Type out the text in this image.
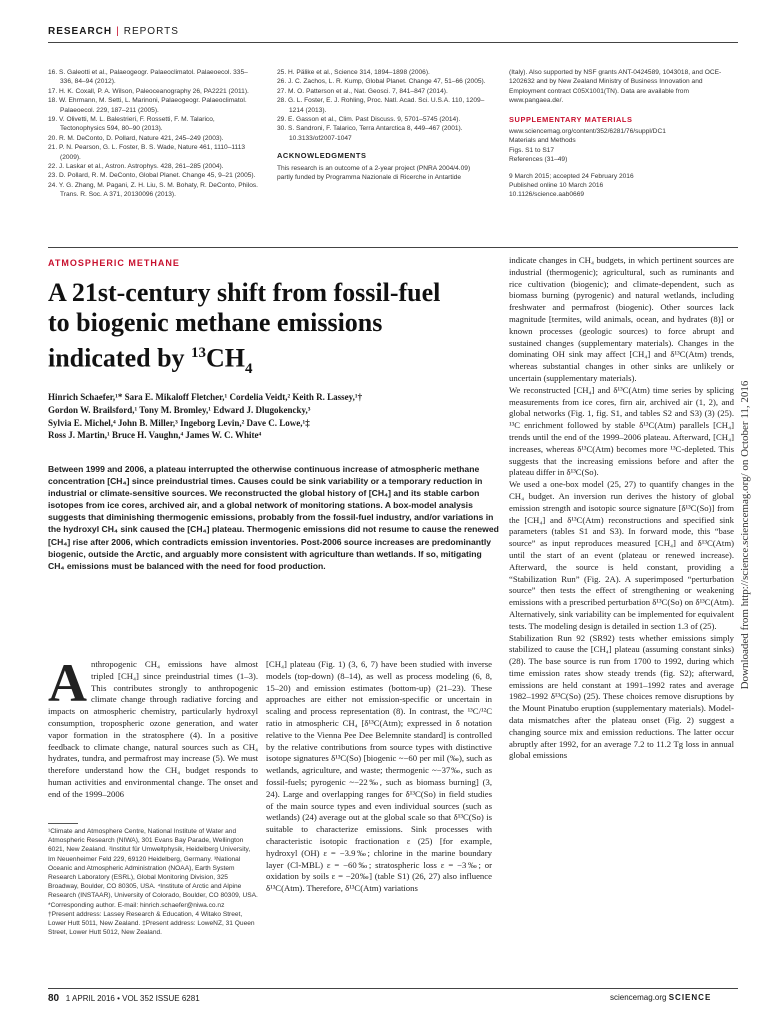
RESEARCH | REPORTS
16. S. Galeotti et al., Palaeogeogr. Palaeoclimatol. Palaeoecol. 335–336, 84–94 (2012).
17. H. K. Coxall, P. A. Wilson, Paleoceanography 26, PA2221 (2011).
18. W. Ehrmann, M. Setti, L. Marinoni, Palaeogeogr. Palaeoclimatol. Palaeoecol. 229, 187–211 (2005).
19. V. Olivetti, M. L. Balestrieri, F. Rossetti, F. M. Talarico, Tectonophysics 594, 80–90 (2013).
20. R. M. DeConto, D. Pollard, Nature 421, 245–249 (2003).
21. P. N. Pearson, G. L. Foster, B. S. Wade, Nature 461, 1110–1113 (2009).
22. J. Laskar et al., Astron. Astrophys. 428, 261–285 (2004).
23. D. Pollard, R. M. DeConto, Global Planet. Change 45, 9–21 (2005).
24. Y. G. Zhang, M. Pagani, Z. H. Liu, S. M. Bohaty, R. DeConto, Philos. Trans. R. Soc. A 371, 20130096 (2013).
25. H. Pälike et al., Science 314, 1894–1898 (2006).
26. J. C. Zachos, L. R. Kump, Global Planet. Change 47, 51–66 (2005).
27. M. O. Patterson et al., Nat. Geosci. 7, 841–847 (2014).
28. G. L. Foster, E. J. Rohling, Proc. Natl. Acad. Sci. U.S.A. 110, 1209–1214 (2013).
29. E. Gasson et al., Clim. Past Discuss. 9, 5701–5745 (2014).
30. S. Sandroni, F. Talarico, Terra Antarctica 8, 449–467 (2001). 10.3133/of2007-1047
ACKNOWLEDGMENTS
This research is an outcome of a 2-year project (PNRA 2004/4.09) partly funded by Programma Nazionale di Ricerche in Antartide
(Italy). Also supported by NSF grants ANT-0424589, 1043018, and OCE-1202632 and by New Zealand Ministry of Business Innovation and Employment contract C05X1001(TN). Data are available from www.pangaea.de/.
SUPPLEMENTARY MATERIALS
www.sciencemag.org/content/352/6281/76/suppl/DC1
Materials and Methods
Figs. S1 to S17
References (31–49)
9 March 2015; accepted 24 February 2016
Published online 10 March 2016
10.1126/science.aab0669
ATMOSPHERIC METHANE
A 21st-century shift from fossil-fuel
to biogenic methane emissions
indicated by $^{13}CH_4$
Hinrich Schaefer,¹* Sara E. Mikaloff Fletcher,¹ Cordelia Veidt,² Keith R. Lassey,¹†
Gordon W. Brailsford,¹ Tony M. Bromley,¹ Edward J. Dlugokencky,³
Sylvia E. Michel,⁴ John B. Miller,³ Ingeborg Levin,² Dave C. Lowe,¹‡
Ross J. Martin,¹ Bruce H. Vaughn,⁴ James W. C. White⁴
Between 1999 and 2006, a plateau interrupted the otherwise continuous increase of atmospheric methane concentration [CH₄] since preindustrial times. Causes could be sink variability or a temporary reduction in industrial or climate-sensitive sources. We reconstructed the global history of [CH₄] and its stable carbon isotopes from ice cores, archived air, and a global network of monitoring stations. A box-model analysis suggests that diminishing thermogenic emissions, probably from the fossil-fuel industry, and/or variations in the hydroxyl CH₄ sink caused the [CH₄] plateau. Thermogenic emissions did not resume to cause the renewed [CH₄] rise after 2006, which contradicts emission inventories. Post-2006 source increases are predominantly biogenic, outside the Arctic, and arguably more consistent with agriculture than wetlands. If so, mitigating CH₄ emissions must be balanced with the need for food production.
Anthropogenic CH₄ emissions have almost tripled [CH₄] since preindustrial times (1–3). This contributes strongly to anthropogenic climate change through radiative forcing and impacts on atmospheric chemistry, particularly hydroxyl consumption, tropospheric ozone generation, and water vapor formation in the stratosphere (4). In a positive feedback to climate change, natural sources such as CH₄ hydrates, tundra, and permafrost may increase (5). We must therefore understand how the CH₄ budget responds to human activities and environmental change. The onset and end of the 1999–2006
¹Climate and Atmosphere Centre, National Institute of Water and Atmospheric Research (NIWA), 301 Evans Bay Parade, Wellington 6021, New Zealand. ²Institut für Umweltphysik, Heidelberg University, Im Neuenheimer Feld 229, 69120 Heidelberg, Germany. ³National Oceanic and Atmospheric Administration (NOAA), Earth System Research Laboratory (ESRL), Global Monitoring Division, 325 Broadway, Boulder, CO 80305, USA. ⁴Institute of Arctic and Alpine Research (INSTAAR), University of Colorado, Boulder, CO 80309, USA.
*Corresponding author. E-mail: hinrich.schaefer@niwa.co.nz
†Present address: Lassey Research & Education, 4 Witako Street, Lower Hutt 5011, New Zealand. ‡Present address: LoweNZ, 31 Queen Street, Lower Hutt 5012, New Zealand.
[CH₄] plateau (Fig. 1) (3, 6, 7) have been studied with inverse models (top-down) (8–14), as well as process modeling (6, 8, 15–20) and emission estimates (bottom-up) (21–23). These approaches are either not emission-specific or uncertain in scaling and process representation (8). In contrast, the ¹³C/¹²C ratio in atmospheric CH₄ [δ¹³C(Atm); expressed in δ notation relative to the Vienna Pee Dee Belemnite standard] is controlled by the relative contributions from source types with distinctive isotope signatures δ¹³C(So) [biogenic ~−60 per mil (‰), such as wetlands, agriculture, and waste; thermogenic ~−37‰, such as fossil-fuels; pyrogenic ~−22‰, such as biomass burning] (3, 24). Large and overlapping ranges for δ¹³C(So) in field studies of the main source types and even individual sources (such as wetlands) (24) average out at the global scale so that δ¹³C(So) is suitable to characterize emissions. Sink processes with characteristic isotopic fractionation ε (25) [for example, hydroxyl (OH) ε = −3.9‰; chlorine in the marine boundary layer (Cl-MBL) ε = −60‰; stratospheric loss ε = −3‰; or oxidation by soils ε = −20‰] (table S1) (26, 27) also influence δ¹³C(Atm). Therefore, δ¹³C(Atm) variations
indicate changes in CH₄ budgets, in which pertinent sources are industrial (thermogenic); agricultural, such as ruminants and rice cultivation (biogenic); and climate-dependent, such as biomass burning (pyrogenic) and natural wetlands, including freshwater and permafrost (biogenic). Other sources lack magnitude [termites, wild animals, ocean, and hydrates (8)] or known processes (geologic sources) to force abrupt and sustained changes (supplementary materials). Changes in the dominating OH sink may affect [CH₄] and δ¹³C(Atm) trends, whereas substantial changes in other sinks are unlikely or uncertain (supplementary materials).
We reconstructed [CH₄] and δ¹³C(Atm) time series by splicing measurements from ice cores, firn air, archived air (1, 2), and global networks (Fig. 1, fig. S1, and tables S2 and S3) (3) (25). ¹³C enrichment followed by stable δ¹³C(Atm) parallels [CH₄] trends until the end of the 1999–2006 plateau. Afterward, [CH₄] increases, whereas δ¹³C(Atm) becomes more ¹³C-depleted. This suggests that the increasing emissions before and after the plateau differ in δ¹³C(So).
We used a one-box model (25, 27) to quantify changes in the CH₄ budget. An inversion run derives the history of global emission strength and isotopic source signature [δ¹³C(So)] from the [CH₄] and δ¹³C(Atm) reconstructions and specified sink parameters (tables S1 and S3). In forward mode, this “base source” as input reproduces measured [CH₄] and δ¹³C(Atm) until the start of an event (plateau or renewed increase). Afterward, the source is held constant, providing a “Stabilization Run” (Fig. 2A). A superimposed “perturbation source” then tests the effect of strengthening or weakening emissions with a prescribed perturbation δ¹³C(So) on δ¹³C(Atm). Alternatively, sink variability can be implemented for equivalent tests. The modeling design is detailed in section 1.3 of (25).
Stabilization Run 92 (SR92) tests whether emissions simply stabilized to cause the [CH₄] plateau (assuming constant sinks) (28). The base source is run from 1700 to 1992, during which time emission rates show steady trends (fig. S2); afterward, emissions are held constant at 1991–1992 rates and average 1982–1992 δ¹³C(So) (25). These choices remove disruptions by the Mount Pinatubo eruption (supplementary materials). Model-data mismatches after the plateau onset (Fig. 2) suggest a changing source mix and emission reductions. The latter occur abruptly after 1992, for an average 7.2 to 11.2 Tg loss in annual global emissions
Downloaded from http://science.sciencemag.org/ on October 11, 2016
80 1 APRIL 2016 • VOL 352 ISSUE 6281	sciencemag.org SCIENCE
